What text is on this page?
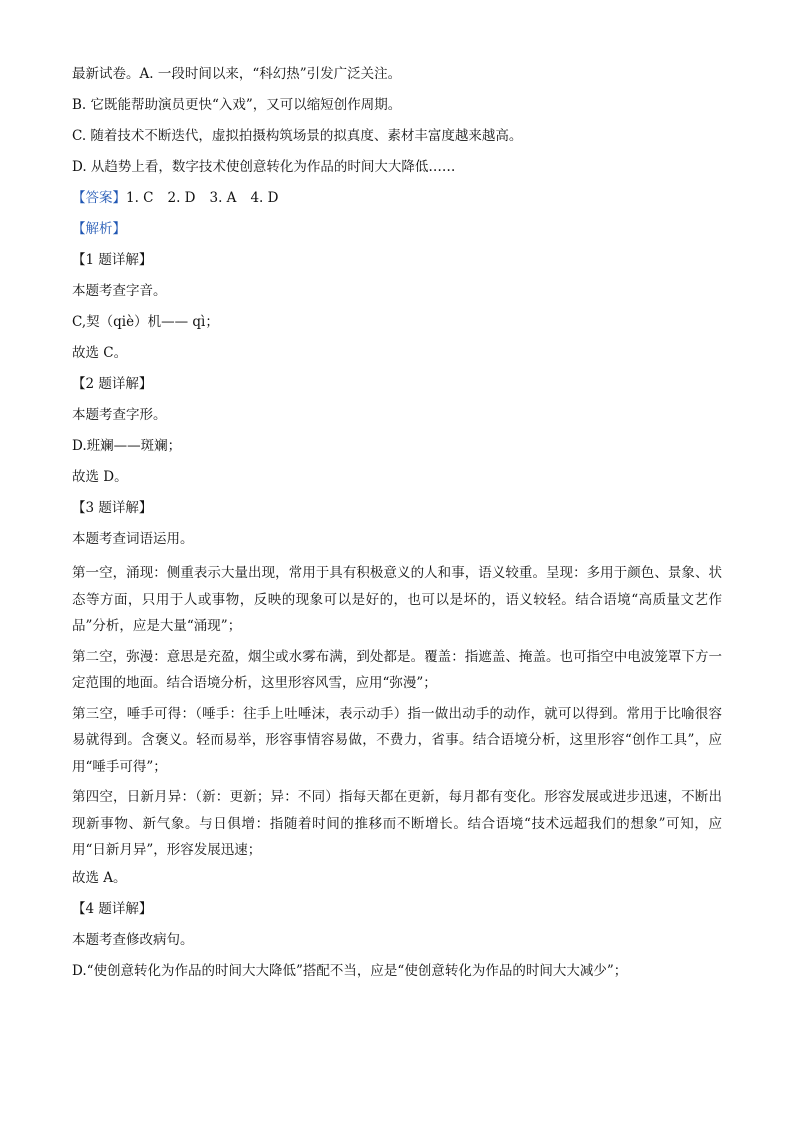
最新试卷。A. 一段时间以来，“科幻热”引发广泛关注。
B. 它既能帮助演员更快“入戏”，又可以缩短创作周期。
C. 随着技术不断迭代，虚拟拍摄构筑场景的拟真度、素材丰富度越来越高。
D. 从趋势上看，数字技术使创意转化为作品的时间大大降低……
【答案】1. C 2. D 3. A 4. D
【解析】
【1 题详解】
本题考查字音。
C,契（qiè）机—— qì；
故选 C。
【2 题详解】
本题考查字形。
D.班斓——斑斓；
故选 D。
【3 题详解】
本题考查词语运用。
第一空，涌现：侧重表示大量出现，常用于具有积极意义的人和事，语义较重。呈现：多用于颜色、景象、状态等方面，只用于人或事物，反映的现象可以是好的，也可以是坏的，语义较轻。结合语境“高质量文艺作品”分析，应是大量“涌现”；
第二空，弥漫：意思是充盈，烟尘或水雾布满，到处都是。覆盖：指遮盖、掩盖。也可指空中电波笼罩下方一定范围的地面。结合语境分析，这里形容风雪，应用“弥漫”；
第三空，唾手可得：（唾手：往手上吐唾沫，表示动手）指一做出动手的动作，就可以得到。常用于比喻很容易就得到。含褒义。轻而易举，形容事情容易做，不费力，省事。结合语境分析，这里形容“创作工具”，应用“唾手可得”；
第四空，日新月异：（新：更新；异：不同）指每天都在更新，每月都有变化。形容发展或进步迅速，不断出现新事物、新气象。与日俱增：指随着时间的推移而不断增长。结合语境“技术远超我们的想象”可知，应用“日新月异”，形容发展迅速；
故选 A。
【4 题详解】
本题考查修改病句。
D.“使创意转化为作品的时间大大降低”搭配不当，应是“使创意转化为作品的时间大大减少”；
